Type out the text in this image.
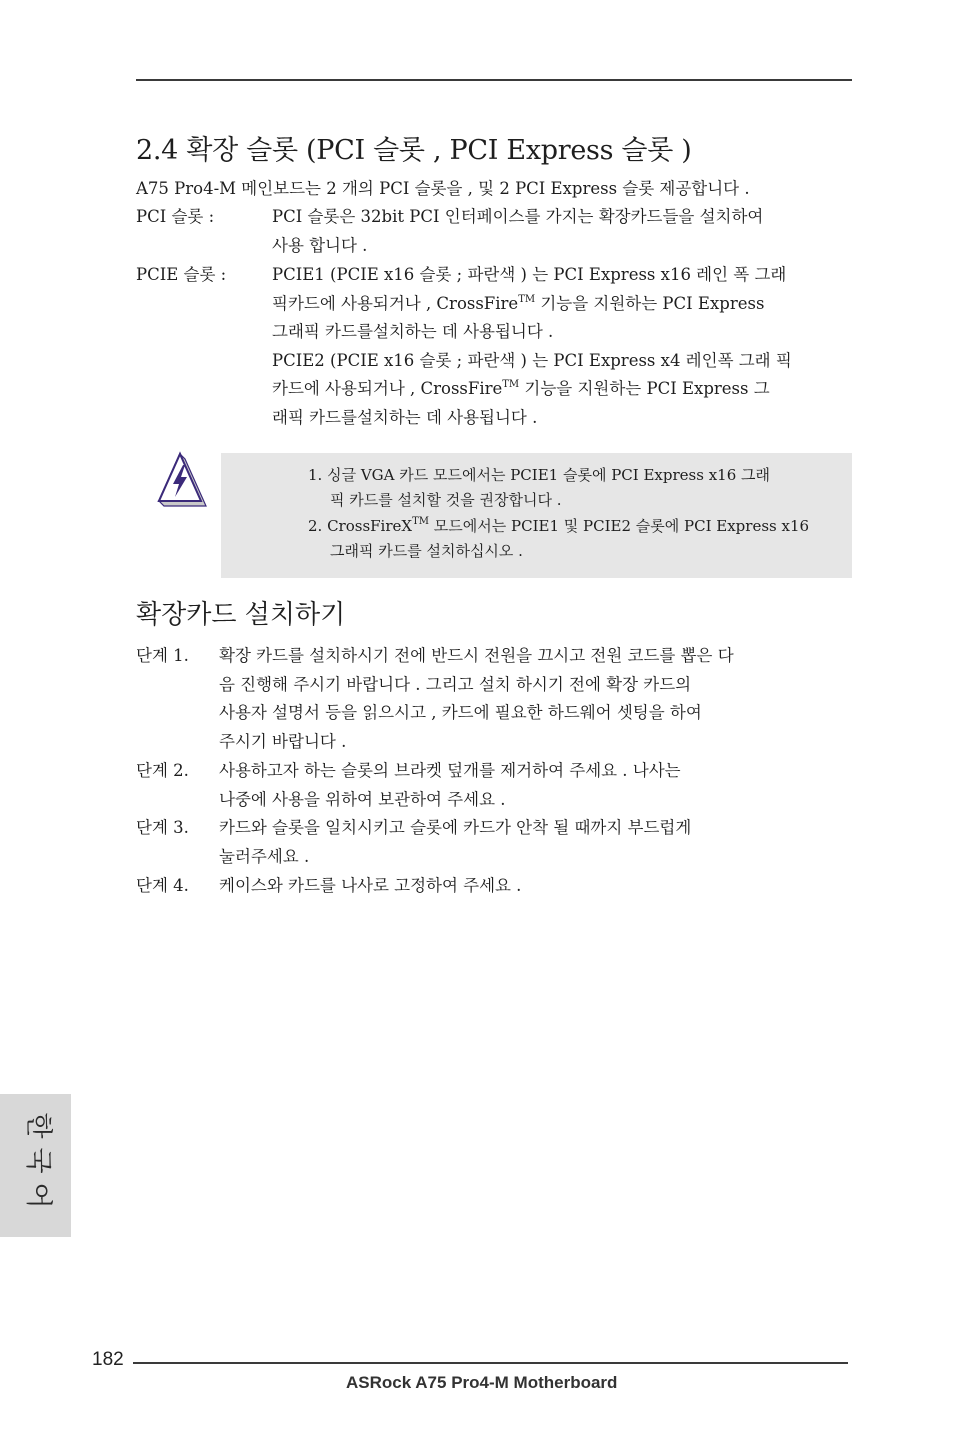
2.4 확장 슬롯 (PCI 슬롯 , PCI Express 슬롯 )
A75 Pro4-M 메인보드는 2 개의 PCI 슬롯을 , 및 2 PCI Express 슬롯 제공합니다 .
PCI 슬롯 :	PCI 슬롯은 32bit PCI 인터페이스를 가지는 확장카드들을 설치하여
사용 합니다 .
PCIE 슬롯 :	PCIE1 (PCIE x16 슬롯 ; 파란색 ) 는 PCI Express x16 레인 폭 그래
픽카드에 사용되거나 , CrossFire™ 기능을 지원하는 PCI Express
그래픽 카드를설치하는 데 사용됩니다 .
PCIE2 (PCIE x16 슬롯 ; 파란색 ) 는 PCI Express x4 레인폭 그래 픽
카드에 사용되거나 , CrossFire™ 기능을 지원하는 PCI Express 그
래픽 카드를설치하는 데 사용됩니다 .
1. 싱글 VGA 카드 모드에서는 PCIE1 슬롯에 PCI Express x16 그래
픽 카드를 설치할 것을 권장합니다 .
2. CrossFireX™ 모드에서는 PCIE1 및 PCIE2 슬롯에 PCI Express x16
그래픽 카드를 설치하십시오 .
확장카드 설치하기
단계 1. 확장 카드를 설치하시기 전에 반드시 전원을 끄시고 전원 코드를 뽑은 다
음 진행해 주시기 바랍니다 . 그리고 설치 하시기 전에 확장 카드의
사용자 설명서 등을 읽으시고 , 카드에 필요한 하드웨어 셋팅을 하여
주시기 바랍니다 .
단계 2. 사용하고자 하는 슬롯의 브라켓 덮개를 제거하여 주세요 . 나사는
나중에 사용을 위하여 보관하여 주세요 .
단계 3. 카드와 슬롯을 일치시키고 슬롯에 카드가 안착 될 때까지 부드럽게
눌러주세요 .
단계 4. 케이스와 카드를 나사로 고정하여 주세요 .
한
국
어
182
ASRock A75 Pro4-M Motherboard
